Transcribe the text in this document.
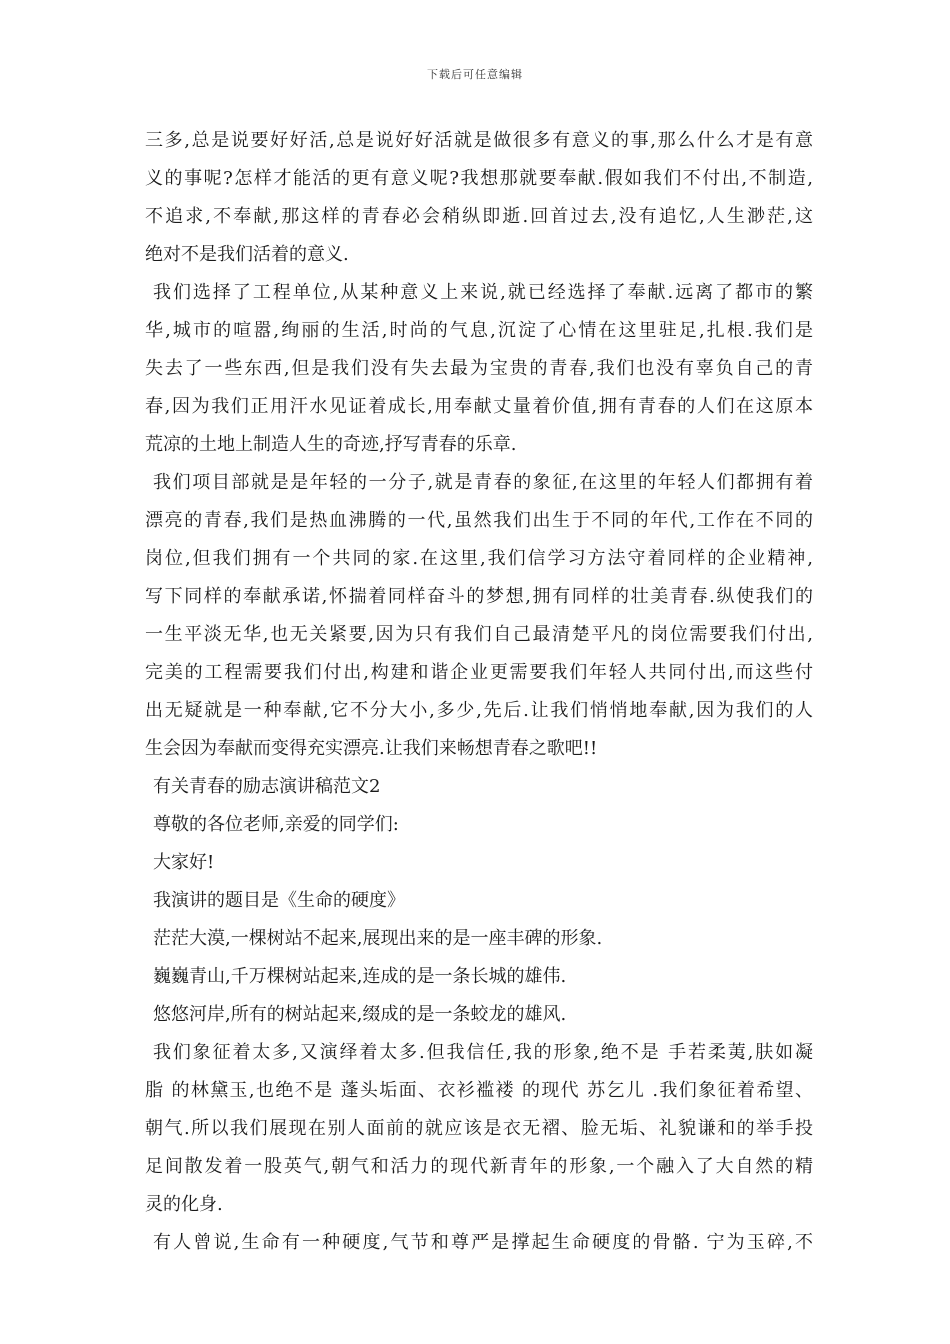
下载后可任意编辑
三多,总是说要好好活,总是说好好活就是做很多有意义的事,那么什么才是有意
义的事呢?怎样才能活的更有意义呢?我想那就要奉献.假如我们不付出,不制造,
不追求,不奉献,那这样的青春必会稍纵即逝.回首过去,没有追忆,人生渺茫,这
绝对不是我们活着的意义.
我们选择了工程单位,从某种意义上来说,就已经选择了奉献.远离了都市的繁
华,城市的喧嚣,绚丽的生活,时尚的气息,沉淀了心情在这里驻足,扎根.我们是
失去了一些东西,但是我们没有失去最为宝贵的青春,我们也没有辜负自己的青
春,因为我们正用汗水见证着成长,用奉献丈量着价值,拥有青春的人们在这原本
荒凉的土地上制造人生的奇迹,抒写青春的乐章.
我们项目部就是是年轻的一分子,就是青春的象征,在这里的年轻人们都拥有着
漂亮的青春,我们是热血沸腾的一代,虽然我们出生于不同的年代,工作在不同的
岗位,但我们拥有一个共同的家.在这里,我们信学习方法守着同样的企业精神,
写下同样的奉献承诺,怀揣着同样奋斗的梦想,拥有同样的壮美青春.纵使我们的
一生平淡无华,也无关紧要,因为只有我们自己最清楚平凡的岗位需要我们付出,
完美的工程需要我们付出,构建和谐企业更需要我们年轻人共同付出,而这些付
出无疑就是一种奉献,它不分大小,多少,先后.让我们悄悄地奉献,因为我们的人
生会因为奉献而变得充实漂亮.让我们来畅想青春之歌吧!!
有关青春的励志演讲稿范文2
尊敬的各位老师,亲爱的同学们:
大家好!
我演讲的题目是《生命的硬度》
茫茫大漠,一棵树站不起来,展现出来的是一座丰碑的形象.
巍巍青山,千万棵树站起来,连成的是一条长城的雄伟.
悠悠河岸,所有的树站起来,缀成的是一条蛟龙的雄风.
我们象征着太多,又演绎着太多.但我信任,我的形象,绝不是 手若柔荑,肤如凝
脂 的林黛玉,也绝不是 蓬头垢面、衣衫褴褛 的现代 苏乞儿 .我们象征着希望、
朝气.所以我们展现在别人面前的就应该是衣无褶、脸无垢、礼貌谦和的举手投
足间散发着一股英气,朝气和活力的现代新青年的形象,一个融入了大自然的精
灵的化身.
有人曾说,生命有一种硬度,气节和尊严是撑起生命硬度的骨骼. 宁为玉碎,不
